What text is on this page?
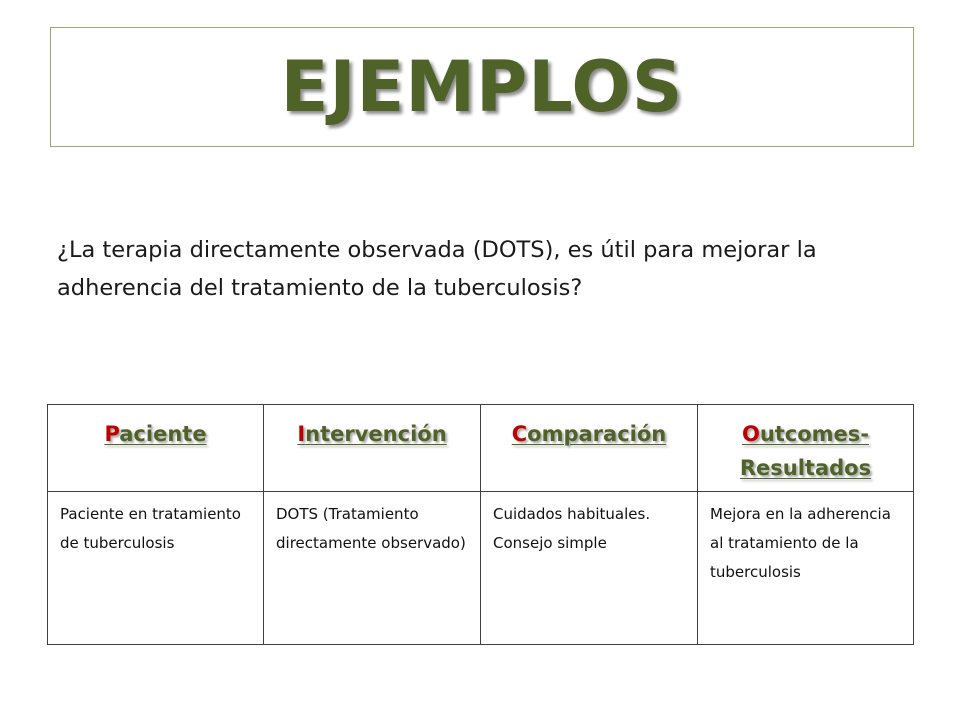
EJEMPLOS

¿La terapia directamente observada (DOTS), es útil para mejorar la adherencia del tratamiento de la tuberculosis?

Paciente	Intervención	Comparación	Outcomes-Resultados
Paciente en tratamiento de tuberculosis	DOTS (Tratamiento directamente observado)	Cuidados habituales. Consejo simple	Mejora en la adherencia al tratamiento de la tuberculosis
